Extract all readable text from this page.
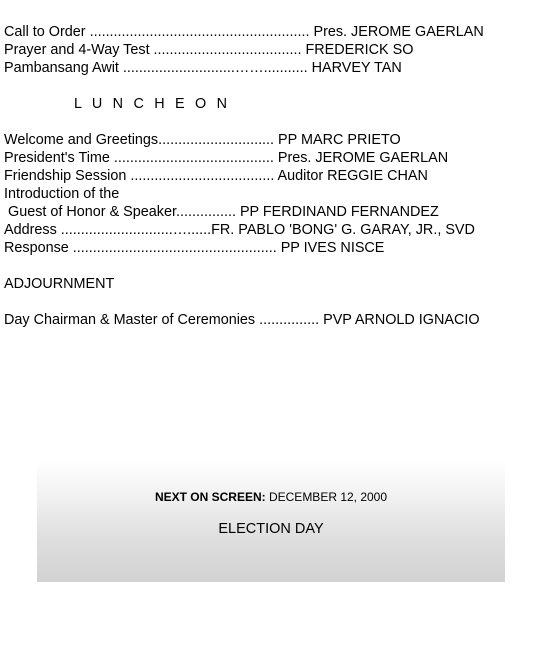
Call to Order ....................................................... Pres. JEROME GAERLAN
Prayer and 4-Way Test ..................................... FREDERICK SO
Pambansang Awit ............................……........... HARVEY TAN
L U N C H E O N
Welcome and Greetings............................. PP MARC PRIETO
President's Time ........................................ Pres. JEROME GAERLAN
Friendship Session .................................... Auditor REGGIE CHAN
Introduction of the
Guest of Honor & Speaker............... PP FERDINAND FERNANDEZ
Address ............................…......FR. PABLO 'BONG' G. GARAY, JR., SVD
Response ................................................... PP IVES NISCE
ADJOURNMENT
Day Chairman & Master of Ceremonies ............... PVP ARNOLD IGNACIO
NEXT ON SCREEN: DECEMBER 12, 2000
ELECTION DAY
